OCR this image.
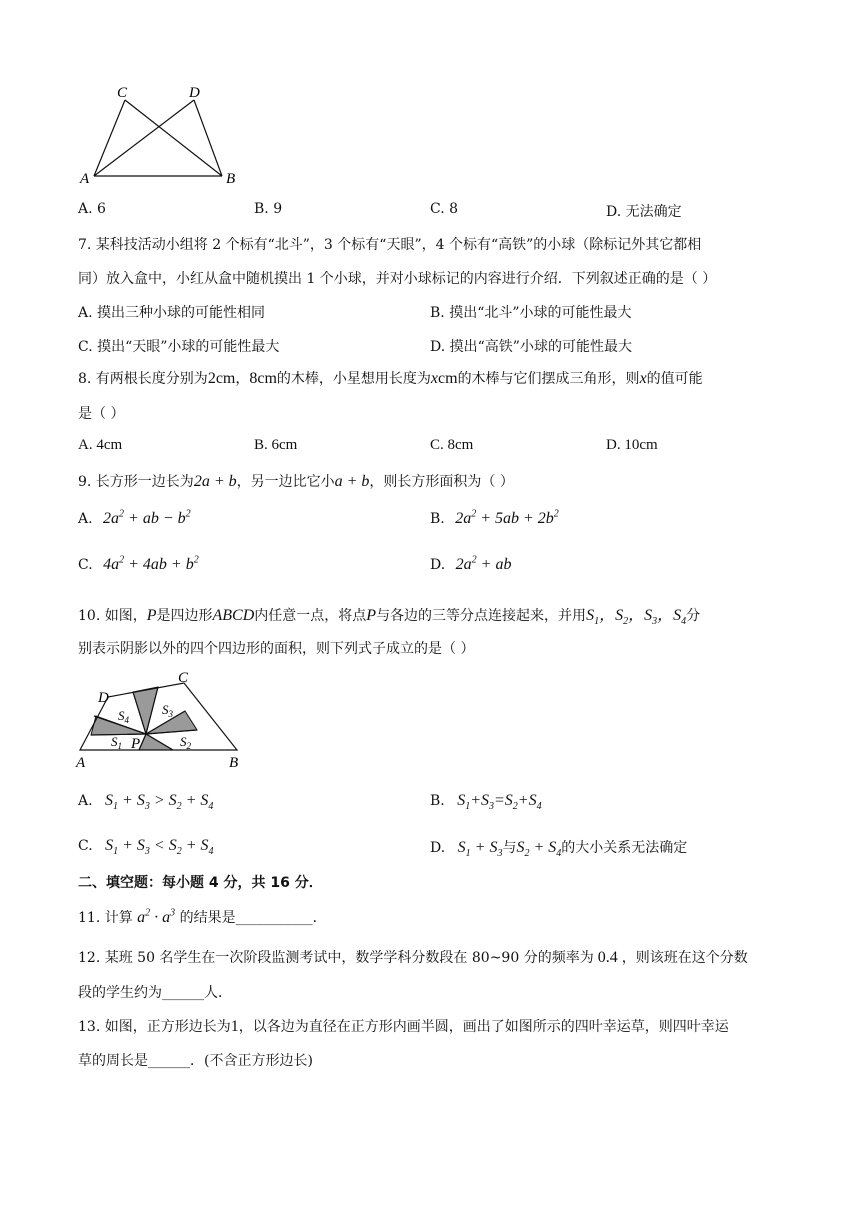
C	D
A	B
A. 6	B. 9	C. 8	D. 无法确定
7. 某科技活动小组将 2 个标有“北斗”，3 个标有“天眼”，4 个标有“高铁”的小球（除标记外其它都相
同）放入盒中，小红从盒中随机摸出 1 个小球，并对小球标记的内容进行介绍．下列叙述正确的是（ ）
A. 摸出三种小球的可能性相同	B. 摸出“北斗”小球的可能性最大
C. 摸出“天眼”小球的可能性最大	D. 摸出“高铁”小球的可能性最大
8. 有两根长度分别为2cm，8cm的木棒，小星想用长度为xcm的木棒与它们摆成三角形，则x的值可能
是（ ）
A. 4cm	B. 6cm	C. 8cm	D. 10cm
9. 长方形一边长为2a + b，另一边比它小a + b，则长方形面积为（ ）
A. $2a^2$ + ab − $b^2$	B. $2a^2 + 5ab + 2b^2$
C. $4a^2 + 4ab + b^2$	D. $2a^2$ + ab
10. 如图，P是四边形ABCD内任意一点，将点P与各边的三等分点连接起来，并用$S_1$，$S_2$，$S_3$，$S_4$分
别表示阴影以外的四个四边形的面积，则下列式子成立的是（ ）
D
C
A	B
P
$S_4$
$S_3$
$S_1$	$S_2$
A. $S_1 + S_3 > S_2 + S_4$	B. $S_1+S_3=S_2+S_4$
C. $S_1 + S_3 < S_2 + S_4$	D. $S_1 + S_3$与$S_2 + S_4$的大小关系无法确定
二、填空题：每小题 4 分，共 16 分．
11. 计算 $a^2 \cdot a^3$ 的结果是___________．
12. 某班 50 名学生在一次阶段监测考试中，数学学科分数段在 80~90 分的频率为 0.4 ，则该班在这个分数
段的学生约为______人．
13. 如图，正方形边长为1，以各边为直径在正方形内画半圆，画出了如图所示的四叶幸运草，则四叶幸运
草的周长是______．(不含正方形边长)
